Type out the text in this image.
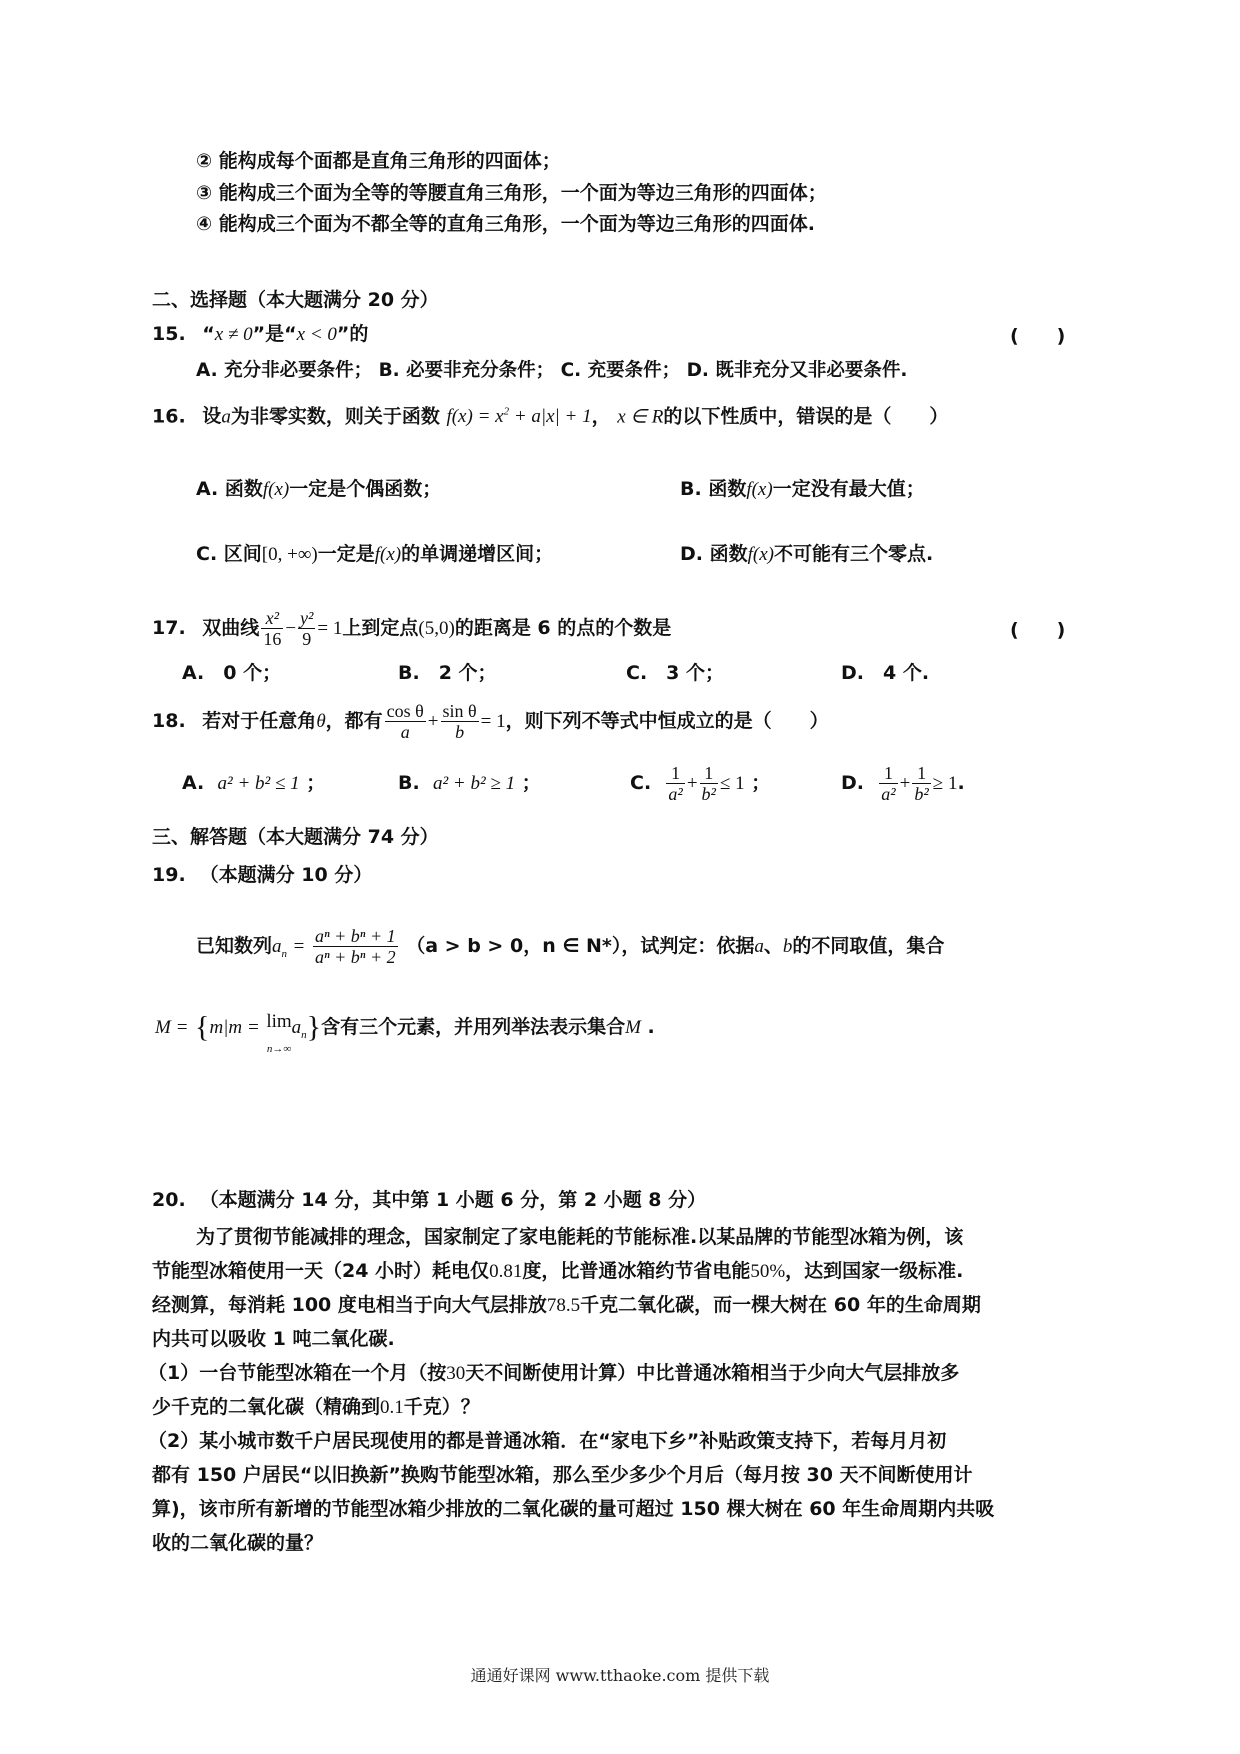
② 能构成每个面都是直角三角形的四面体；
③ 能构成三个面为全等的等腰直角三角形，一个面为等边三角形的四面体；
④ 能构成三个面为不都全等的直角三角形，一个面为等边三角形的四面体.
二、选择题（本大题满分 20 分）
15. “x ≠ 0”是“x < 0”的	(　　)
A. 充分非必要条件； B. 必要非充分条件； C. 充要条件； D. 既非充分又非必要条件.
16. 设a为非零实数，则关于函数 $f(x) = x^2 + a|x| + 1$， x ∈ R的以下性质中，错误的是（　　）
A. 函数f(x)一定是个偶函数；	B. 函数f(x)一定没有最大值；
C. 区间[0, +∞)一定是f(x)的单调递增区间；	D. 函数f(x)不可能有三个零点.
17. 双曲线 $\frac{\text{x²}}{16} - \frac{\text{y²}}{9} = 1$上到定点(5,0)的距离是 6 的点的个数是	(　　)
A.　0 个；	B.　2 个；	C.　3 个；	D.　4 个.
18. 若对于任意角θ，都有 $\frac{\text{cos θ}}{a} + \frac{\text{sin θ}}{b} = 1$，则下列不等式中恒成立的是（　　）
A. a² + b² ≤ 1 ；	B. a² + b² ≥ 1 ；	C. $\frac{1}{\text{a²}} + \frac{1}{\text{b²}} \le 1$ ；	D. $\frac{1}{\text{a²}} + \frac{1}{\text{b²}} \ge 1$.
三、解答题（本大题满分 74 分）
19. （本题满分 10 分）
已知数列$a_n = \frac{\text{aⁿ + bⁿ + 1}}{\text{aⁿ + bⁿ + 2}} (a > b > 0$，n ∈ N*），试判定：依据a、b的不同取值，集合
M = {m|m = lim
n→∞
$a_n$}含有三个元素，并用列举法表示集合M .
20. （本题满分 14 分，其中第 1 小题 6 分，第 2 小题 8 分）
为了贯彻节能减排的理念，国家制定了家电能耗的节能标准.以某品牌的节能型冰箱为例，该
节能型冰箱使用一天（24 小时）耗电仅0.81度，比普通冰箱约节省电能50%，达到国家一级标准.
经测算，每消耗 100 度电相当于向大气层排放78.5千克二氧化碳，而一棵大树在 60 年的生命周期
内共可以吸收 1 吨二氧化碳.
（1）一台节能型冰箱在一个月（按30天不间断使用计算）中比普通冰箱相当于少向大气层排放多
少千克的二氧化碳（精确到0.1千克）？
（2）某小城市数千户居民现使用的都是普通冰箱．在“家电下乡”补贴政策支持下，若每月月初
都有 150 户居民“以旧换新”换购节能型冰箱，那么至少多少个月后（每月按 30 天不间断使用计
算)，该市所有新增的节能型冰箱少排放的二氧化碳的量可超过 150 棵大树在 60 年生命周期内共吸
收的二氧化碳的量？
通通好课网 www.tthaoke.com 提供下载
